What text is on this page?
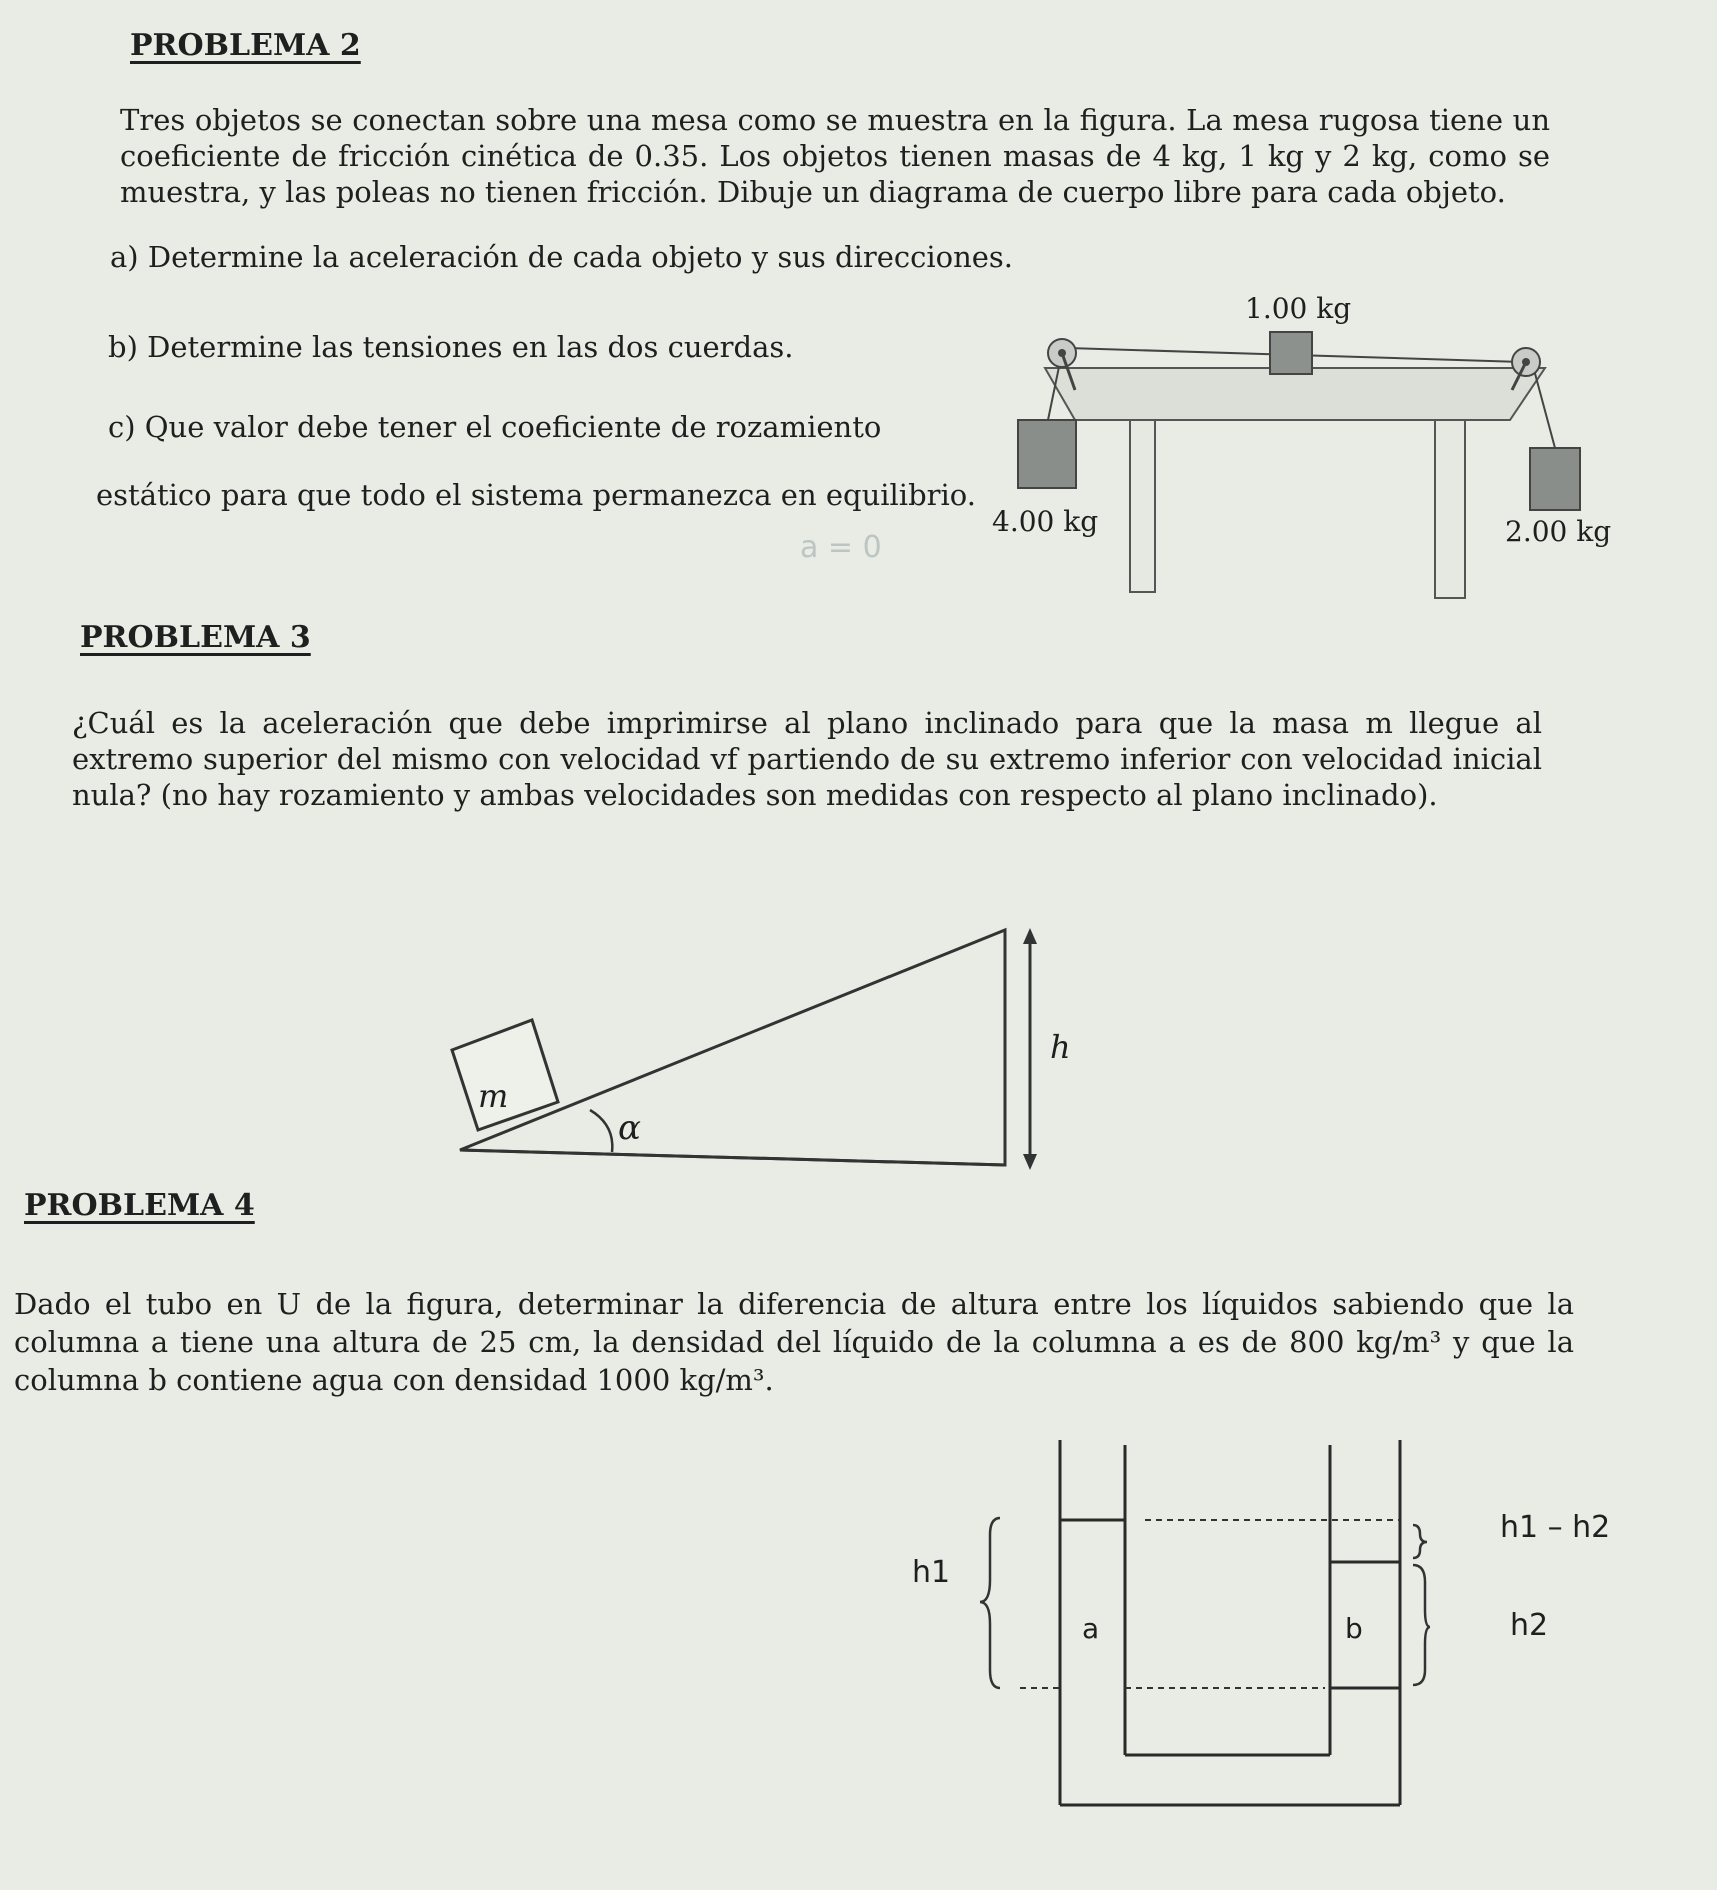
PROBLEMA 2
Tres objetos se conectan sobre una mesa como se muestra en la figura. La mesa rugosa tiene un coeficiente de fricción cinética de 0.35. Los objetos tienen masas de 4 kg, 1 kg y 2 kg, como se muestra, y las poleas no tienen fricción. Dibuje un diagrama de cuerpo libre para cada objeto.
a) Determine la aceleración de cada objeto y sus direcciones.
b) Determine las tensiones en las dos cuerdas.
c) Que valor debe tener el coeficiente de rozamiento
estático para que todo el sistema permanezca en equilibrio.
a = 0
1.00 kg
4.00 kg	2.00 kg
PROBLEMA 3
¿Cuál es la aceleración que debe imprimirse al plano inclinado para que la masa m llegue al extremo superior del mismo con velocidad vf partiendo de su extremo inferior con velocidad inicial nula? (no hay rozamiento y ambas velocidades son medidas con respecto al plano inclinado).
m
α
h
PROBLEMA 4
Dado el tubo en U de la figura, determinar la diferencia de altura entre los líquidos sabiendo que la columna a tiene una altura de 25 cm, la densidad del líquido de la columna a es de 800 kg/m³ y que la columna b contiene agua con densidad 1000 kg/m³.
h1
h1 – h2
h2
a	b
